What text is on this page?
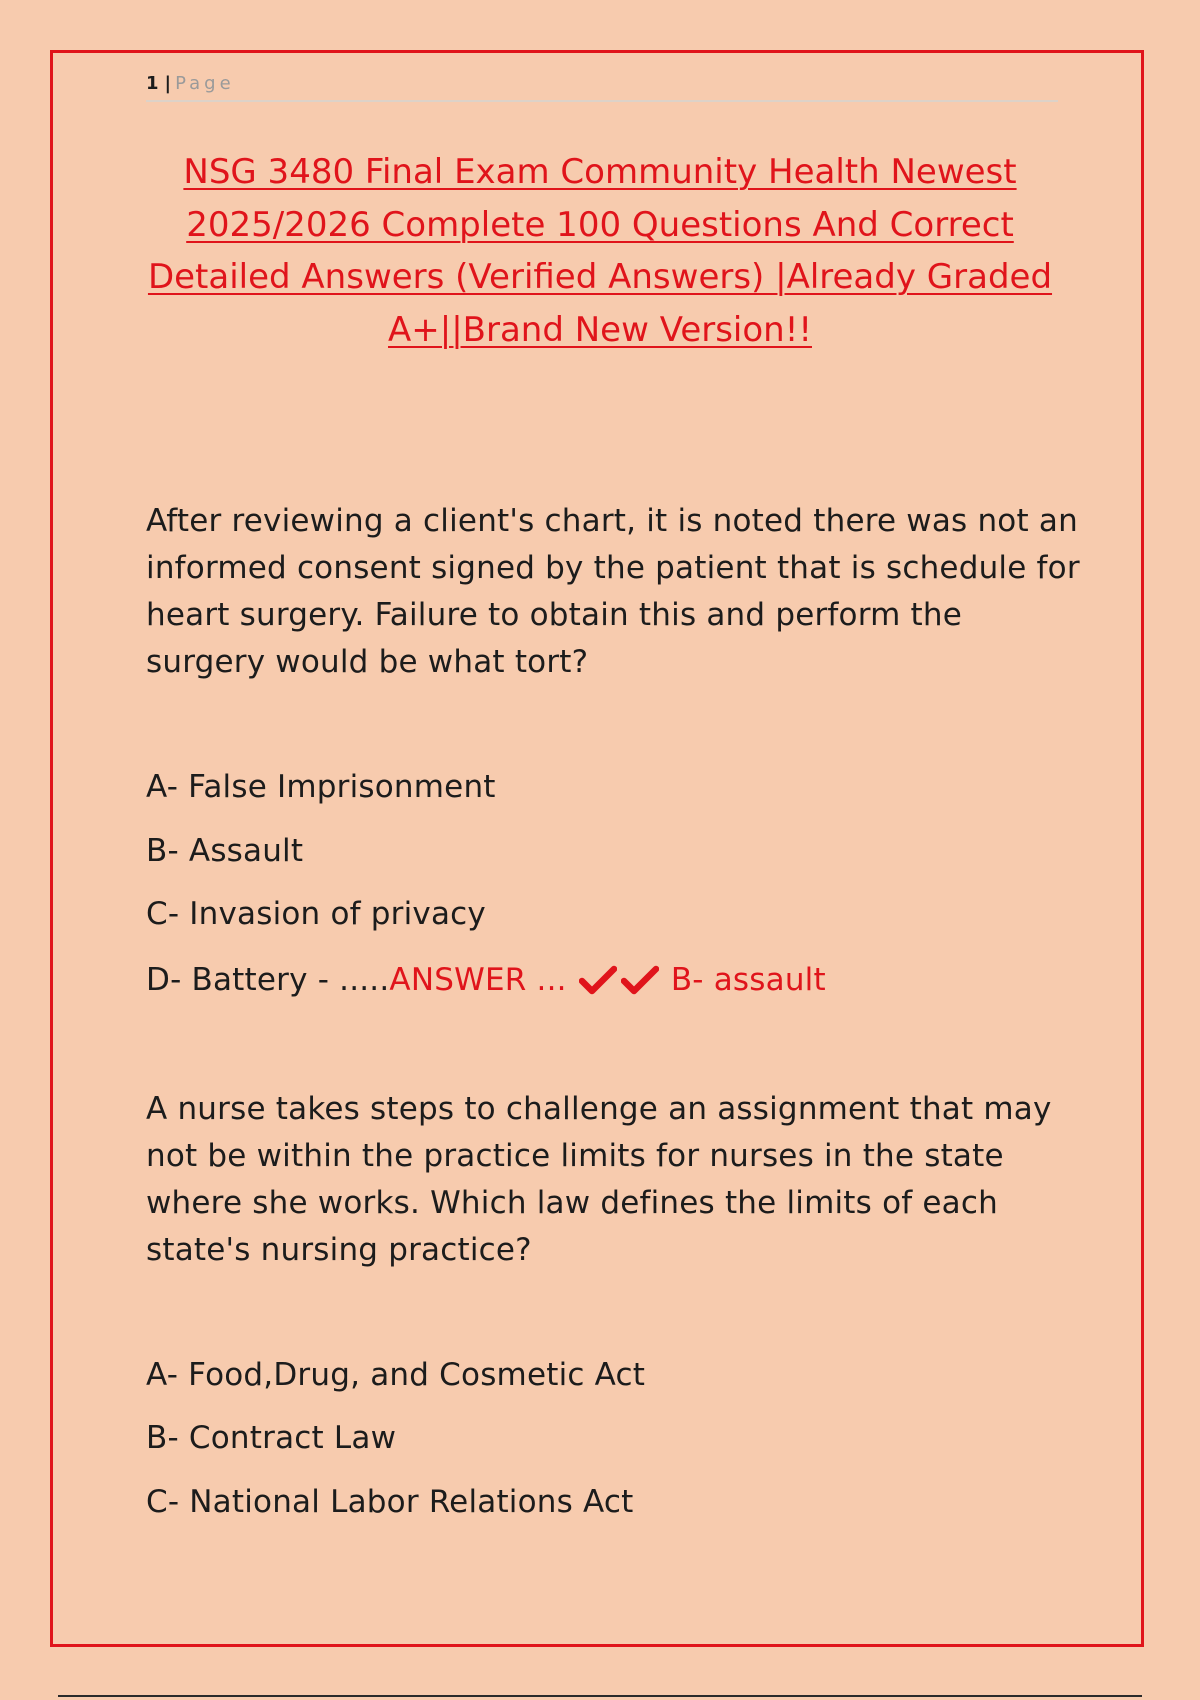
1 | Page
NSG 3480 Final Exam Community Health Newest 2025/2026 Complete 100 Questions And Correct Detailed Answers (Verified Answers) |Already Graded A+||Brand New Version!!

After reviewing a client's chart, it is noted there was not an informed consent signed by the patient that is schedule for heart surgery. Failure to obtain this and perform the surgery would be what tort?

A- False Imprisonment
B- Assault
C- Invasion of privacy
D- Battery - .....ANSWER ...	B- assault

A nurse takes steps to challenge an assignment that may not be within the practice limits for nurses in the state where she works. Which law defines the limits of each state's nursing practice?

A- Food,Drug, and Cosmetic Act
B- Contract Law
C- National Labor Relations Act
